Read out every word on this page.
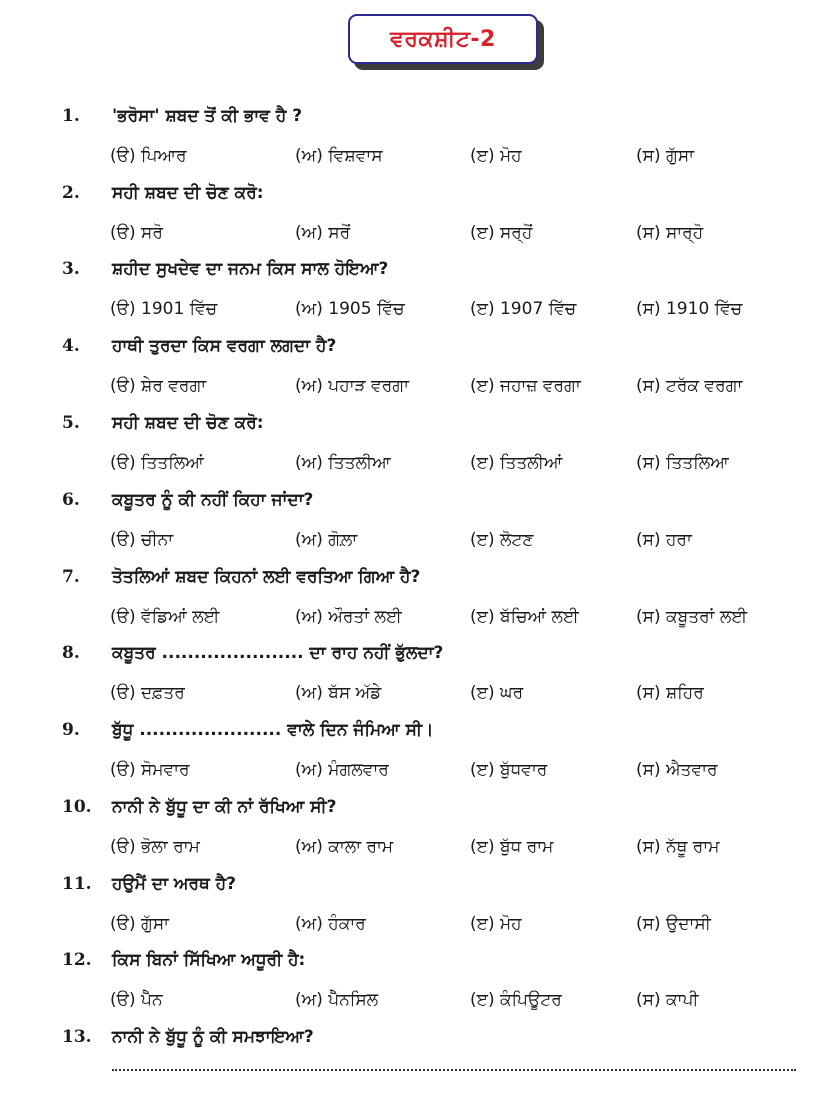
ਵਰਕਸ਼ੀਟ-2
1.	'ਭਰੋਸਾ' ਸ਼ਬਦ ਤੋਂ ਕੀ ਭਾਵ ਹੈ ?
(ੳ) ਪਿਆਰ	(ਅ) ਵਿਸ਼ਵਾਸ	(ੲ) ਮੋਹ	(ਸ) ਗੁੱਸਾ
2.	ਸਹੀ ਸ਼ਬਦ ਦੀ ਚੋਣ ਕਰੋ:
(ੳ) ਸਰੋ	(ਅ) ਸਰੋਂ	(ੲ) ਸਰ੍ਹੋਂ	(ਸ) ਸਾਰ੍ਹੋ
3.	ਸ਼ਹੀਦ ਸੁਖਦੇਵ ਦਾ ਜਨਮ ਕਿਸ ਸਾਲ ਹੋਇਆ?
(ੳ) 1901 ਵਿੱਚ	(ਅ) 1905 ਵਿੱਚ	(ੲ) 1907 ਵਿੱਚ	(ਸ) 1910 ਵਿੱਚ
4.	ਹਾਥੀ ਤੁਰਦਾ ਕਿਸ ਵਰਗਾ ਲਗਦਾ ਹੈ?
(ੳ) ਸ਼ੇਰ ਵਰਗਾ	(ਅ) ਪਹਾੜ ਵਰਗਾ	(ੲ) ਜਹਾਜ਼ ਵਰਗਾ	(ਸ) ਟਰੱਕ ਵਰਗਾ
5.	ਸਹੀ ਸ਼ਬਦ ਦੀ ਚੋਣ ਕਰੋ:
(ੳ) ਤਿਤਲਿਆਂ	(ਅ) ਤਿਤਲੀਆ	(ੲ) ਤਿਤਲੀਆਂ	(ਸ) ਤਿਤਲਿਆ
6.	ਕਬੂਤਰ ਨੂੰ ਕੀ ਨਹੀਂ ਕਿਹਾ ਜਾਂਦਾ?
(ੳ) ਚੀਨਾ	(ਅ) ਗੋਲ਼ਾ	(ੲ) ਲੋਟਣ	(ਸ) ਹਰਾ
7.	ਤੋਤਲਿਆਂ ਸ਼ਬਦ ਕਿਹਨਾਂ ਲਈ ਵਰਤਿਆ ਗਿਆ ਹੈ?
(ੳ) ਵੱਡਿਆਂ ਲਈ	(ਅ) ਔਰਤਾਂ ਲਈ	(ੲ) ਬੱਚਿਆਂ ਲਈ	(ਸ) ਕਬੂਤਰਾਂ ਲਈ
8.	ਕਬੂਤਰ ...................... ਦਾ ਰਾਹ ਨਹੀਂ ਭੁੱਲਦਾ?
(ੳ) ਦਫ਼ਤਰ	(ਅ) ਬੱਸ ਅੱਡੇ	(ੲ) ਘਰ	(ਸ) ਸ਼ਹਿਰ
9.	ਬੁੱਧੂ ...................... ਵਾਲੇ ਦਿਨ ਜੰਮਿਆ ਸੀ।
(ੳ) ਸੋਮਵਾਰ	(ਅ) ਮੰਗਲਵਾਰ	(ੲ) ਬੁੱਧਵਾਰ	(ਸ) ਐਤਵਾਰ
10.	ਨਾਨੀ ਨੇ ਬੁੱਧੂ ਦਾ ਕੀ ਨਾਂ ਰੱਖਿਆ ਸੀ?
(ੳ) ਭੋਲਾ ਰਾਮ	(ਅ) ਕਾਲਾ ਰਾਮ	(ੲ) ਬੁੱਧ ਰਾਮ	(ਸ) ਨੱਥੂ ਰਾਮ
11.	ਹਉਮੈਂ ਦਾ ਅਰਥ ਹੈ?
(ੳ) ਗੁੱਸਾ	(ਅ) ਹੰਕਾਰ	(ੲ) ਮੋਹ	(ਸ) ਉਦਾਸੀ
12.	ਕਿਸ ਬਿਨਾਂ ਸਿੱਖਿਆ ਅਧੂਰੀ ਹੈ:
(ੳ) ਪੈੱਨ	(ਅ) ਪੈੱਨਸਿਲ	(ੲ) ਕੰਪਿਊਟਰ	(ਸ) ਕਾਪੀ
13.	ਨਾਨੀ ਨੇ ਬੁੱਧੂ ਨੂੰ ਕੀ ਸਮਝਾਇਆ?
